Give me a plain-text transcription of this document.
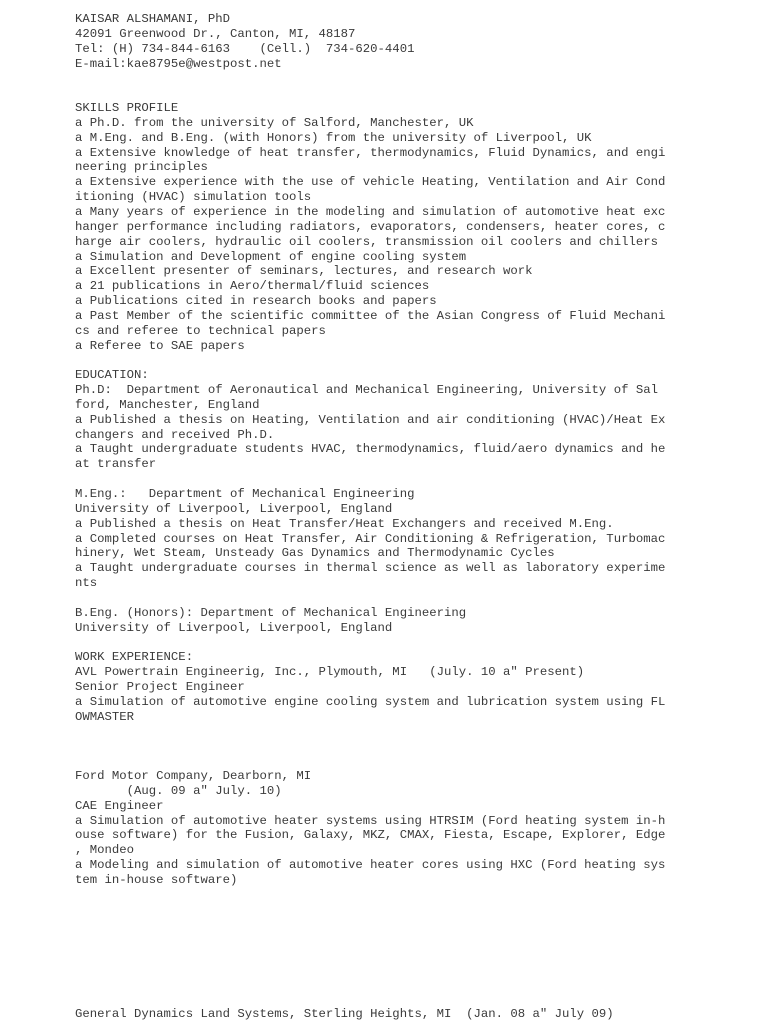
KAISAR ALSHAMANI, PhD
42091 Greenwood Dr., Canton, MI, 48187
Tel: (H) 734-844-6163    (Cell.)  734-620-4401
E-mail:kae8795e@westpost.net
SKILLS PROFILE
a Ph.D. from the university of Salford, Manchester, UK
a M.Eng. and B.Eng. (with Honors) from the university of Liverpool, UK
a Extensive knowledge of heat transfer, thermodynamics, Fluid Dynamics, and engi
neering principles
a Extensive experience with the use of vehicle Heating, Ventilation and Air Cond
itioning (HVAC) simulation tools
a Many years of experience in the modeling and simulation of automotive heat exc
hanger performance including radiators, evaporators, condensers, heater cores, c
harge air coolers, hydraulic oil coolers, transmission oil coolers and chillers
a Simulation and Development of engine cooling system
a Excellent presenter of seminars, lectures, and research work
a 21 publications in Aero/thermal/fluid sciences
a Publications cited in research books and papers
a Past Member of the scientific committee of the Asian Congress of Fluid Mechani
cs and referee to technical papers
a Referee to SAE papers
EDUCATION:
Ph.D:  Department of Aeronautical and Mechanical Engineering, University of Sal
ford, Manchester, England
a Published a thesis on Heating, Ventilation and air conditioning (HVAC)/Heat Ex
changers and received Ph.D.
a Taught undergraduate students HVAC, thermodynamics, fluid/aero dynamics and he
at transfer
M.Eng.:   Department of Mechanical Engineering
University of Liverpool, Liverpool, England
a Published a thesis on Heat Transfer/Heat Exchangers and received M.Eng.
a Completed courses on Heat Transfer, Air Conditioning & Refrigeration, Turbomac
hinery, Wet Steam, Unsteady Gas Dynamics and Thermodynamic Cycles
a Taught undergraduate courses in thermal science as well as laboratory experime
nts
B.Eng. (Honors): Department of Mechanical Engineering
University of Liverpool, Liverpool, England
WORK EXPERIENCE:
AVL Powertrain Engineerig, Inc., Plymouth, MI   (July. 10 a" Present)
Senior Project Engineer
a Simulation of automotive engine cooling system and lubrication system using FL
OWMASTER
Ford Motor Company, Dearborn, MI
(Aug. 09 a" July. 10)
CAE Engineer
a Simulation of automotive heater systems using HTRSIM (Ford heating system in-h
ouse software) for the Fusion, Galaxy, MKZ, CMAX, Fiesta, Escape, Explorer, Edge
, Mondeo
a Modeling and simulation of automotive heater cores using HXC (Ford heating sys
tem in-house software)
General Dynamics Land Systems, Sterling Heights, MI  (Jan. 08 a" July 09)
